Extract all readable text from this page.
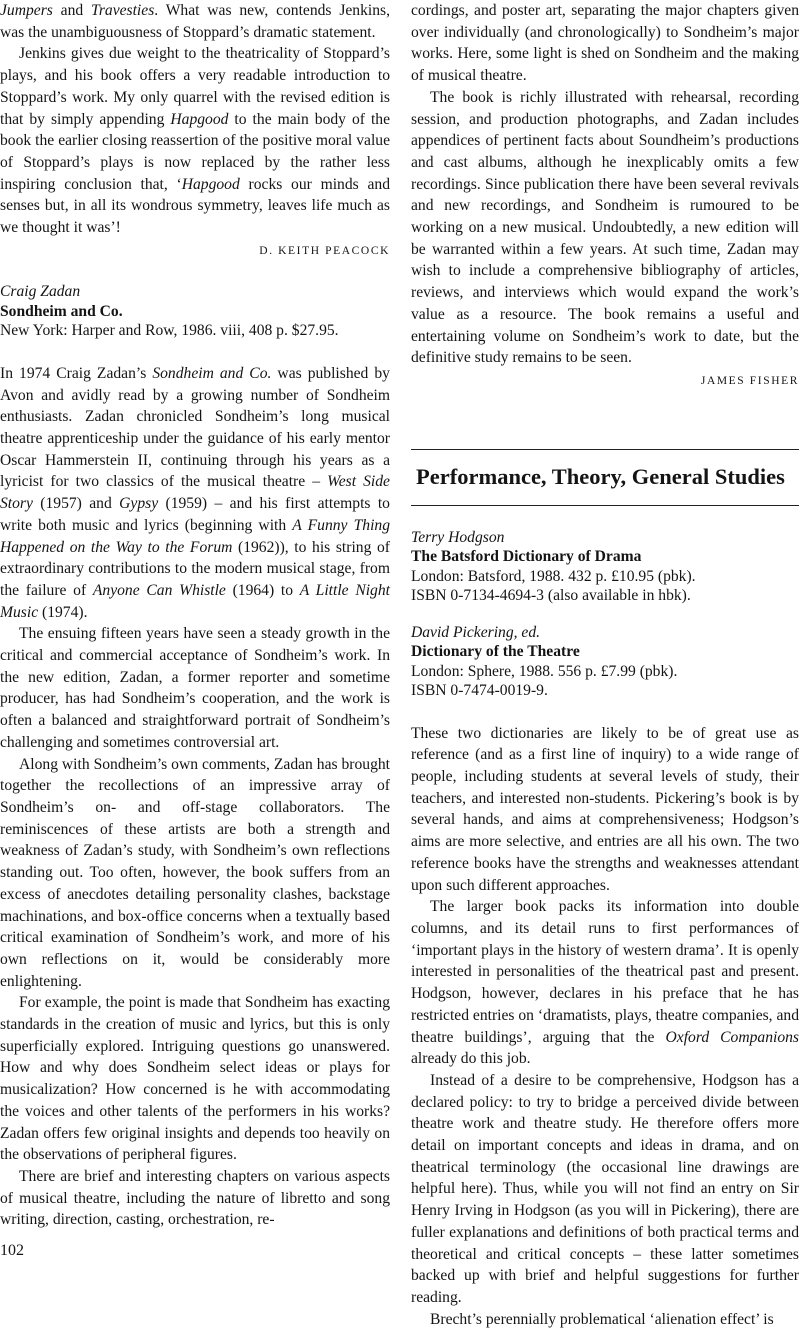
Jumpers and Travesties. What was new, contends Jenkins, was the unambiguousness of Stoppard’s dramatic statement.

Jenkins gives due weight to the theatricality of Stoppard’s plays, and his book offers a very readable introduction to Stoppard’s work. My only quarrel with the revised edition is that by simply appending Hapgood to the main body of the book the earlier closing reassertion of the positive moral value of Stoppard’s plays is now replaced by the rather less inspiring conclusion that, ‘Hapgood rocks our minds and senses but, in all its wondrous symmetry, leaves life much as we thought it was’!

D. KEITH PEACOCK
Craig Zadan
Sondheim and Co.
New York: Harper and Row, 1986. viii, 408 p. $27.95.

In 1974 Craig Zadan’s Sondheim and Co. was published by Avon and avidly read by a growing number of Sondheim enthusiasts. Zadan chronicled Sondheim’s long musical theatre apprenticeship under the guidance of his early mentor Oscar Hammerstein II, continuing through his years as a lyricist for two classics of the musical theatre – West Side Story (1957) and Gypsy (1959) – and his first attempts to write both music and lyrics (beginning with A Funny Thing Happened on the Way to the Forum (1962)), to his string of extraordinary contributions to the modern musical stage, from the failure of Anyone Can Whistle (1964) to A Little Night Music (1974).

The ensuing fifteen years have seen a steady growth in the critical and commercial acceptance of Sondheim’s work. In the new edition, Zadan, a former reporter and sometime producer, has had Sondheim’s cooperation, and the work is often a balanced and straightforward portrait of Sondheim’s challenging and sometimes controversial art.

Along with Sondheim’s own comments, Zadan has brought together the recollections of an impressive array of Sondheim’s on- and off-stage collaborators. The reminiscences of these artists are both a strength and weakness of Zadan’s study, with Sondheim’s own reflections standing out. Too often, however, the book suffers from an excess of anecdotes detailing personality clashes, backstage machinations, and box-office concerns when a textually based critical examination of Sondheim’s work, and more of his own reflections on it, would be considerably more enlightening.

For example, the point is made that Sondheim has exacting standards in the creation of music and lyrics, but this is only superficially explored. Intriguing questions go unanswered. How and why does Sondheim select ideas or plays for musicalization? How concerned is he with accommodating the voices and other talents of the performers in his works? Zadan offers few original insights and depends too heavily on the observations of peripheral figures.

There are brief and interesting chapters on various aspects of musical theatre, including the nature of libretto and song writing, direction, casting, orchestration, re-

cordings, and poster art, separating the major chapters given over individually (and chronologically) to Sondheim’s major works. Here, some light is shed on Sondheim and the making of musical theatre.

The book is richly illustrated with rehearsal, recording session, and production photographs, and Zadan includes appendices of pertinent facts about Soundheim’s productions and cast albums, although he inexplicably omits a few recordings. Since publication there have been several revivals and new recordings, and Sondheim is rumoured to be working on a new musical. Undoubtedly, a new edition will be warranted within a few years. At such time, Zadan may wish to include a comprehensive bibliography of articles, reviews, and interviews which would expand the work’s value as a resource. The book remains a useful and entertaining volume on Sondheim’s work to date, but the definitive study remains to be seen.

JAMES FISHER
Performance, Theory, General Studies
Terry Hodgson
The Batsford Dictionary of Drama
London: Batsford, 1988. 432 p. £10.95 (pbk).
ISBN 0-7134-4694-3 (also available in hbk).
David Pickering, ed.
Dictionary of the Theatre
London: Sphere, 1988. 556 p. £7.99 (pbk).
ISBN 0-7474-0019-9.

These two dictionaries are likely to be of great use as reference (and as a first line of inquiry) to a wide range of people, including students at several levels of study, their teachers, and interested non-students. Pickering’s book is by several hands, and aims at comprehensiveness; Hodgson’s aims are more selective, and entries are all his own. The two reference books have the strengths and weaknesses attendant upon such different approaches.

The larger book packs its information into double columns, and its detail runs to first performances of ‘important plays in the history of western drama’. It is openly interested in personalities of the theatrical past and present. Hodgson, however, declares in his preface that he has restricted entries on ‘dramatists, plays, theatre companies, and theatre buildings’, arguing that the Oxford Companions already do this job.

Instead of a desire to be comprehensive, Hodgson has a declared policy: to try to bridge a perceived divide between theatre work and theatre study. He therefore offers more detail on important concepts and ideas in drama, and on theatrical terminology (the occasional line drawings are helpful here). Thus, while you will not find an entry on Sir Henry Irving in Hodgson (as you will in Pickering), there are fuller explanations and definitions of both practical terms and theoretical and critical concepts – these latter sometimes backed up with brief and helpful suggestions for further reading.

Brecht’s perennially problematical ‘alienation effect’ is

102
